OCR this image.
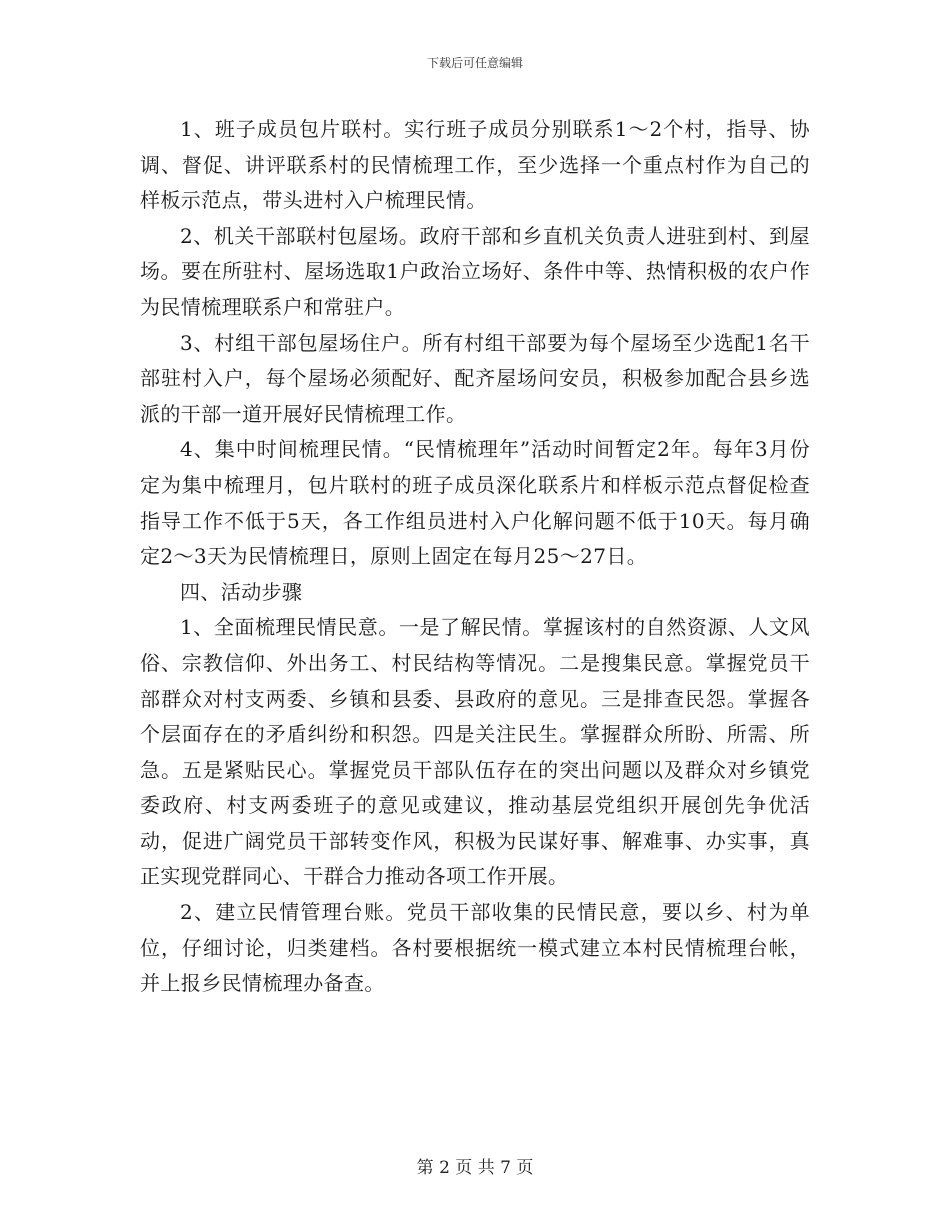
下载后可任意编辑

1、班子成员包片联村。实行班子成员分别联系1～2个村，指导、协调、督促、讲评联系村的民情梳理工作，至少选择一个重点村作为自己的样板示范点，带头进村入户梳理民情。

2、机关干部联村包屋场。政府干部和乡直机关负责人进驻到村、到屋场。要在所驻村、屋场选取1户政治立场好、条件中等、热情积极的农户作为民情梳理联系户和常驻户。

3、村组干部包屋场住户。所有村组干部要为每个屋场至少选配1名干部驻村入户，每个屋场必须配好、配齐屋场问安员，积极参加配合县乡选派的干部一道开展好民情梳理工作。

4、集中时间梳理民情。“民情梳理年”活动时间暂定2年。每年3月份定为集中梳理月，包片联村的班子成员深化联系片和样板示范点督促检查指导工作不低于5天，各工作组员进村入户化解问题不低于10天。每月确定2～3天为民情梳理日，原则上固定在每月25～27日。

四、活动步骤

1、全面梳理民情民意。一是了解民情。掌握该村的自然资源、人文风俗、宗教信仰、外出务工、村民结构等情况。二是搜集民意。掌握党员干部群众对村支两委、乡镇和县委、县政府的意见。三是排查民怨。掌握各个层面存在的矛盾纠纷和积怨。四是关注民生。掌握群众所盼、所需、所急。五是紧贴民心。掌握党员干部队伍存在的突出问题以及群众对乡镇党委政府、村支两委班子的意见或建议，推动基层党组织开展创先争优活动，促进广阔党员干部转变作风，积极为民谋好事、解难事、办实事，真正实现党群同心、干群合力推动各项工作开展。

2、建立民情管理台账。党员干部收集的民情民意，要以乡、村为单位，仔细讨论，归类建档。各村要根据统一模式建立本村民情梳理台帐，并上报乡民情梳理办备查。

第 2 页 共 7 页
